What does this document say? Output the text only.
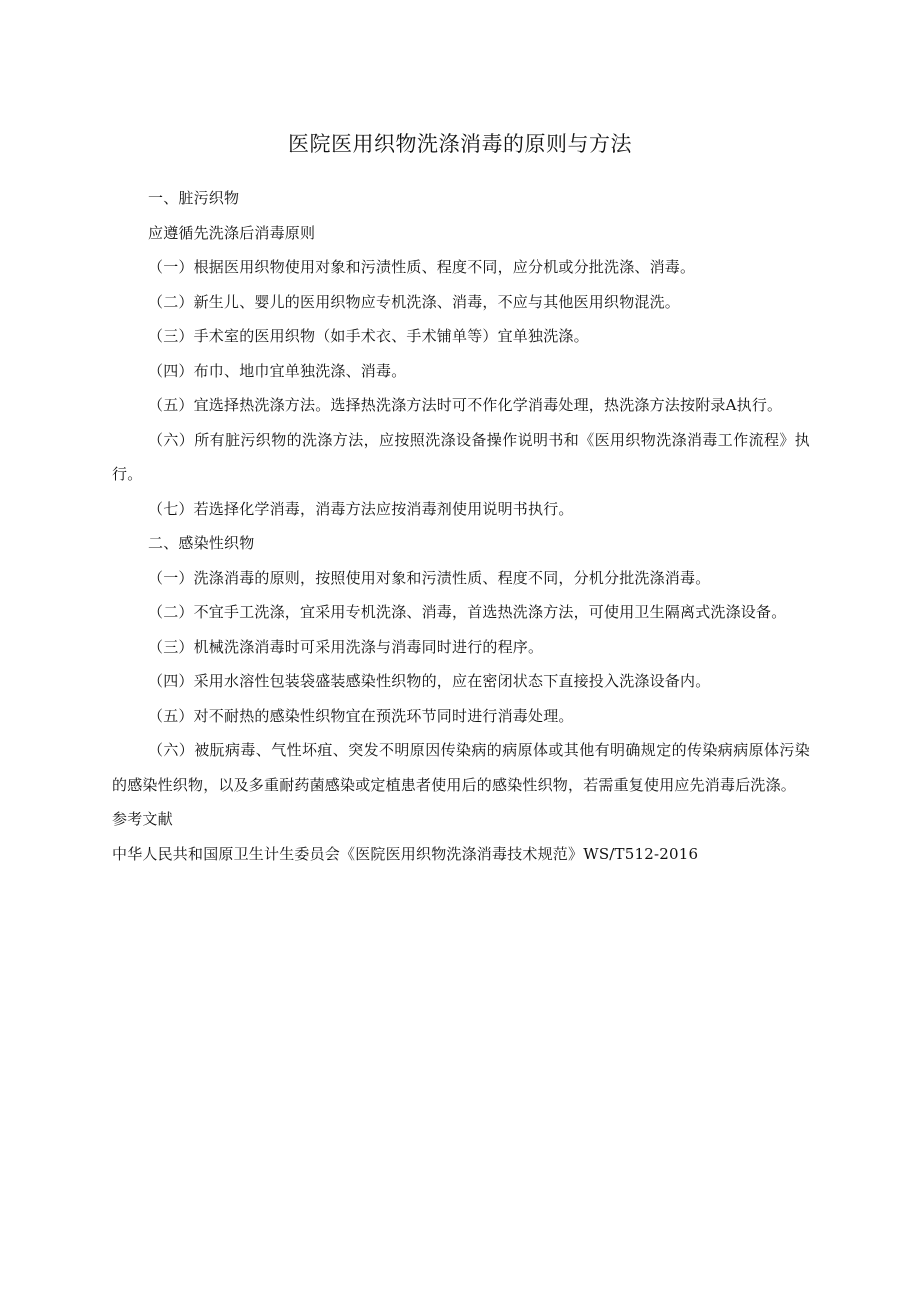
医院医用织物洗涤消毒的原则与方法

一、脏污织物

应遵循先洗涤后消毒原则

（一）根据医用织物使用对象和污渍性质、程度不同，应分机或分批洗涤、消毒。

（二）新生儿、婴儿的医用织物应专机洗涤、消毒，不应与其他医用织物混洗。

（三）手术室的医用织物（如手术衣、手术铺单等）宜单独洗涤。

（四）布巾、地巾宜单独洗涤、消毒。

（五）宜选择热洗涤方法。选择热洗涤方法时可不作化学消毒处理，热洗涤方法按附录A执行。

（六）所有脏污织物的洗涤方法，应按照洗涤设备操作说明书和《医用织物洗涤消毒工作流程》执行。

（七）若选择化学消毒，消毒方法应按消毒剂使用说明书执行。

二、感染性织物

（一）洗涤消毒的原则，按照使用对象和污渍性质、程度不同，分机分批洗涤消毒。

（二）不宜手工洗涤，宜采用专机洗涤、消毒，首选热洗涤方法，可使用卫生隔离式洗涤设备。

（三）机械洗涤消毒时可采用洗涤与消毒同时进行的程序。

（四）采用水溶性包装袋盛装感染性织物的，应在密闭状态下直接投入洗涤设备内。

（五）对不耐热的感染性织物宜在预洗环节同时进行消毒处理。

（六）被朊病毒、气性坏疽、突发不明原因传染病的病原体或其他有明确规定的传染病病原体污染的感染性织物，以及多重耐药菌感染或定植患者使用后的感染性织物，若需重复使用应先消毒后洗涤。

参考文献

中华人民共和国原卫生计生委员会《医院医用织物洗涤消毒技术规范》WS/T512-2016
